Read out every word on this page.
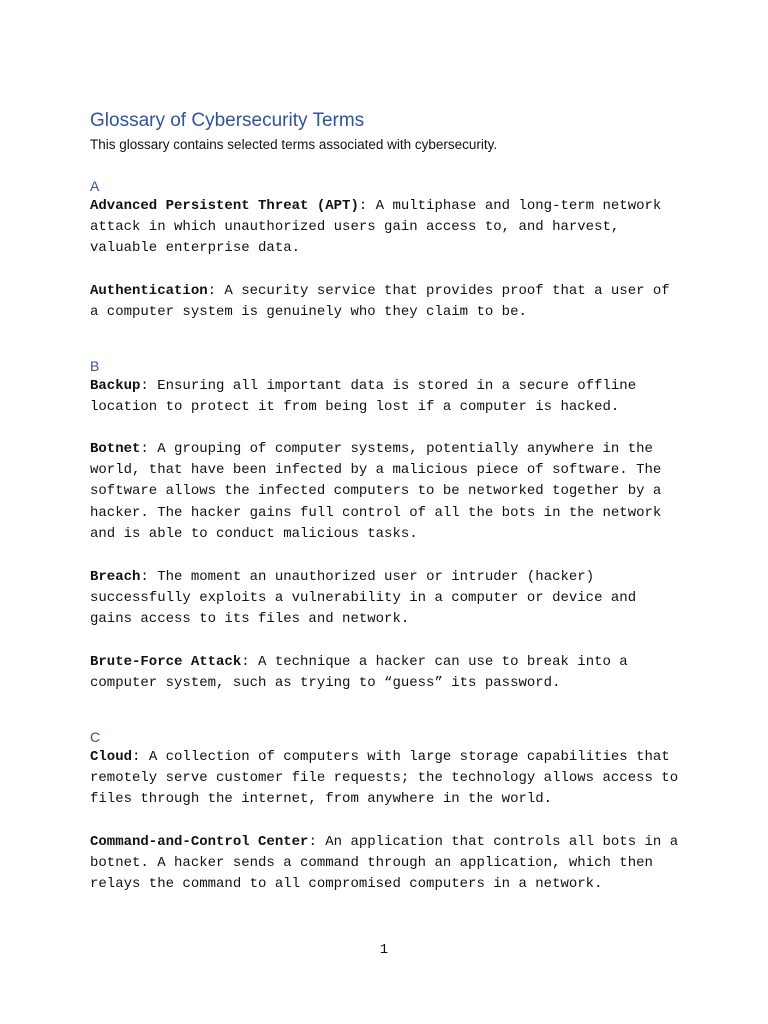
Glossary of Cybersecurity Terms

This glossary contains selected terms associated with cybersecurity.

A

Advanced Persistent Threat (APT): A multiphase and long-term network
attack in which unauthorized users gain access to, and harvest,
valuable enterprise data.

Authentication: A security service that provides proof that a user of
a computer system is genuinely who they claim to be.

B

Backup: Ensuring all important data is stored in a secure offline
location to protect it from being lost if a computer is hacked.

Botnet: A grouping of computer systems, potentially anywhere in the
world, that have been infected by a malicious piece of software. The
software allows the infected computers to be networked together by a
hacker. The hacker gains full control of all the bots in the network
and is able to conduct malicious tasks.

Breach: The moment an unauthorized user or intruder (hacker)
successfully exploits a vulnerability in a computer or device and
gains access to its files and network.

Brute-Force Attack: A technique a hacker can use to break into a
computer system, such as trying to “guess” its password.

C

Cloud: A collection of computers with large storage capabilities that
remotely serve customer file requests; the technology allows access to
files through the internet, from anywhere in the world.

Command-and-Control Center: An application that controls all bots in a
botnet. A hacker sends a command through an application, which then
relays the command to all compromised computers in a network.

1
